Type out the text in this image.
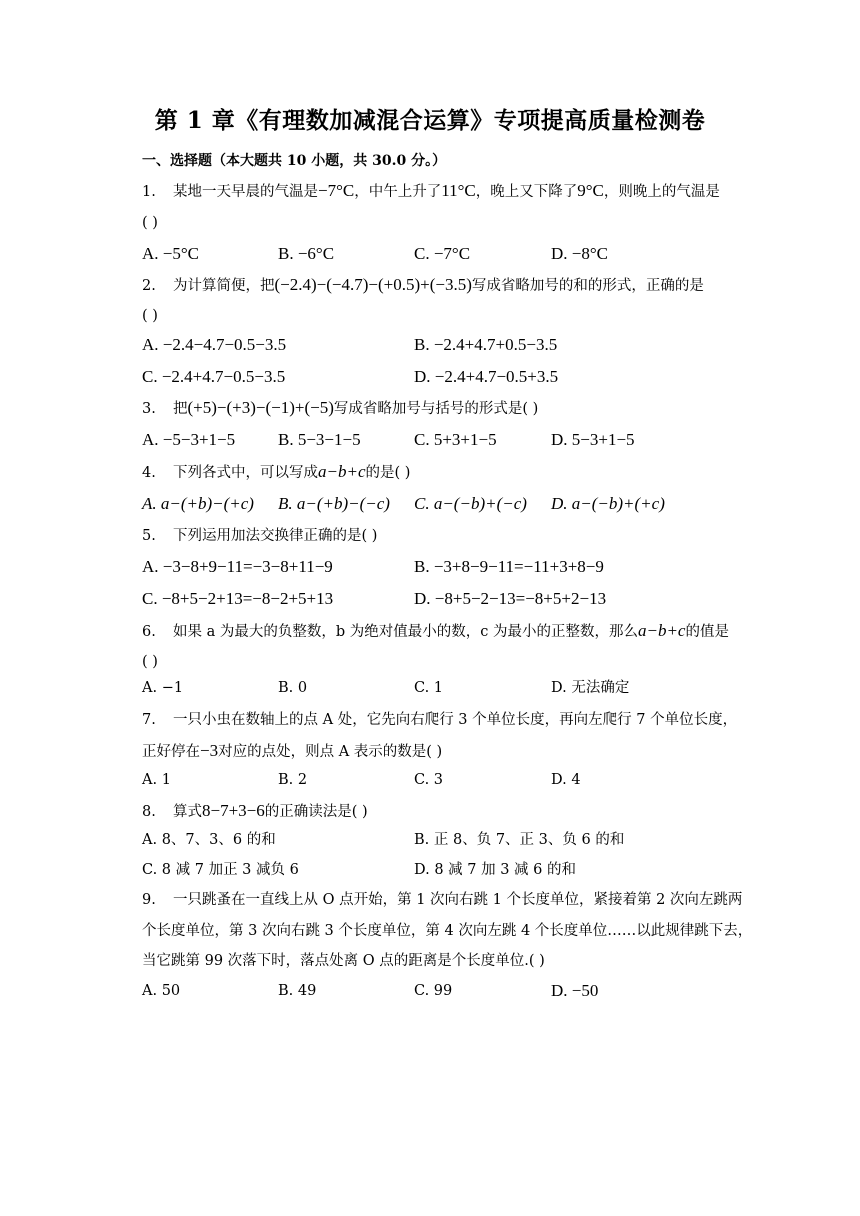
第 1 章《有理数加减混合运算》专项提高质量检测卷
一、选择题（本大题共 10 小题，共 30.0 分。）
1. 某地一天早晨的气温是−7°C，中午上升了11°C，晚上又下降了9°C，则晚上的气温是
( )
A. −5°C	B. −6°C	C. −7°C	D. −8°C
2. 为计算简便，把(−2.4)−(−4.7)−(+0.5)+(−3.5)写成省略加号的和的形式，正确的是
( )
A. −2.4−4.7−0.5−3.5	B. −2.4+4.7+0.5−3.5
C. −2.4+4.7−0.5−3.5	D. −2.4+4.7−0.5+3.5
3. 把(+5)−(+3)−(−1)+(−5)写成省略加号与括号的形式是( )
A. −5−3+1−5	B. 5−3−1−5	C. 5+3+1−5	D. 5−3+1−5
4. 下列各式中，可以写成a−b+c的是( )
A. a−(+b)−(+c) B. a−(+b)−(−c) C. a−(−b)+(−c) D. a−(−b)+(+c)
5. 下列运用加法交换律正确的是( )
A. −3−8+9−11=−3−8+11−9	B. −3+8−9−11=−11+3+8−9
C. −8+5−2+13=−8−2+5+13	D. −8+5−2−13=−8+5+2−13
6. 如果 a 为最大的负整数，b 为绝对值最小的数，c 为最小的正整数，那么a−b+c的值是
( )
A. −1	B. 0	C. 1	D. 无法确定
7. 一只小虫在数轴上的点 A 处，它先向右爬行 3 个单位长度，再向左爬行 7 个单位长度，
正好停在−3对应的点处，则点 A 表示的数是( )
A. 1	B. 2	C. 3	D. 4
8. 算式8−7+3−6的正确读法是( )
A. 8、7、3、6 的和	B. 正 8、负 7、正 3、负 6 的和
C. 8 减 7 加正 3 减负 6	D. 8 减 7 加 3 减 6 的和
9. 一只跳蚤在一直线上从 O 点开始，第 1 次向右跳 1 个长度单位，紧接着第 2 次向左跳两
个长度单位，第 3 次向右跳 3 个长度单位，第 4 次向左跳 4 个长度单位……以此规律跳下去，
当它跳第 99 次落下时，落点处离 O 点的距离是个长度单位.( )
A. 50	B. 49	C. 99	D. −50
